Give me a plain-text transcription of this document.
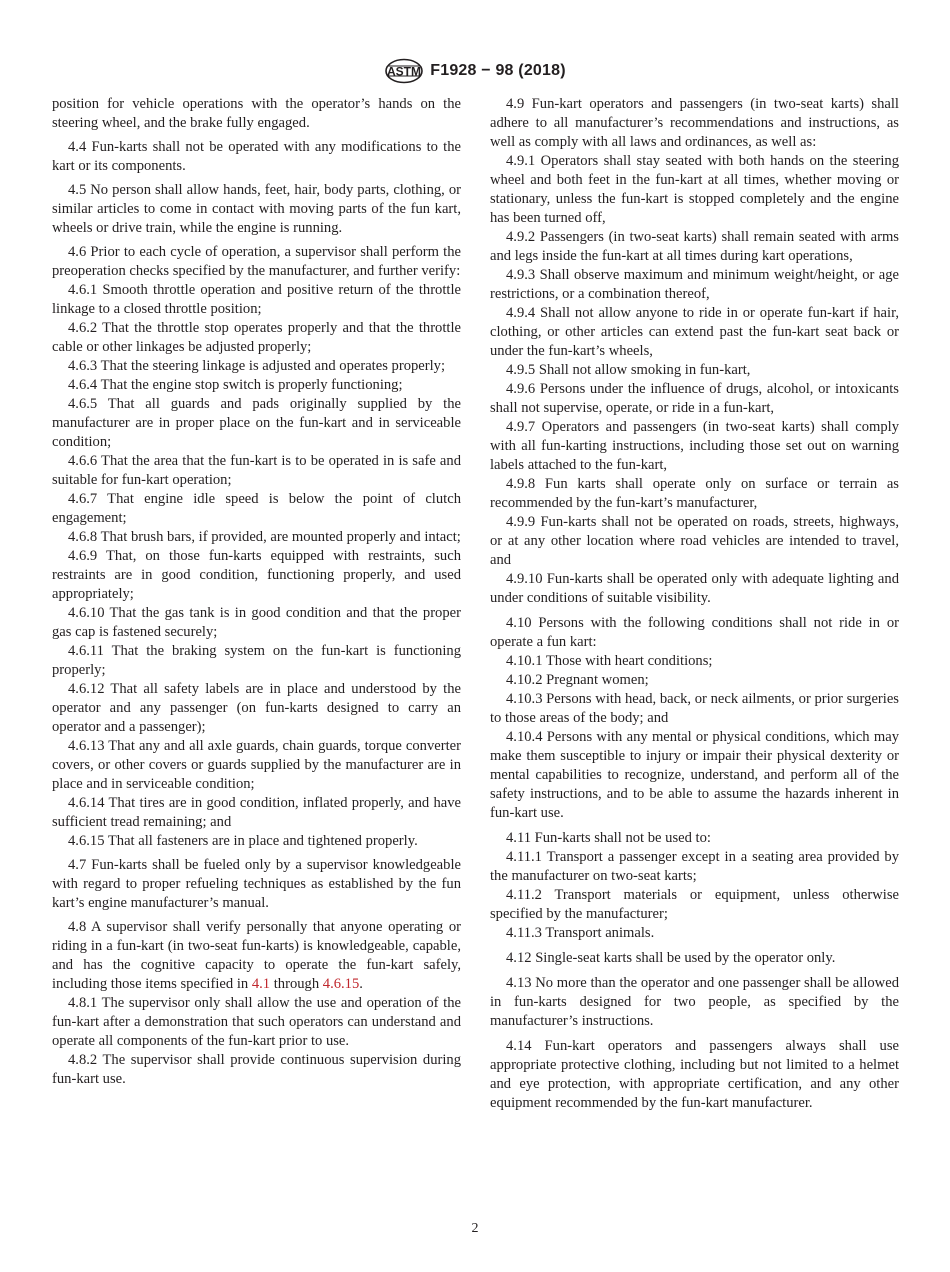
ASTM F1928 − 98 (2018)

position for vehicle operations with the operator’s hands on the steering wheel, and the brake fully engaged.

4.4 Fun-karts shall not be operated with any modifications to the kart or its components.

4.5 No person shall allow hands, feet, hair, body parts, clothing, or similar articles to come in contact with moving parts of the fun kart, wheels or drive train, while the engine is running.

4.6 Prior to each cycle of operation, a supervisor shall perform the preoperation checks specified by the manufacturer, and further verify:

4.6.1 Smooth throttle operation and positive return of the throttle linkage to a closed throttle position;

4.6.2 That the throttle stop operates properly and that the throttle cable or other linkages be adjusted properly;

4.6.3 That the steering linkage is adjusted and operates properly;

4.6.4 That the engine stop switch is properly functioning;

4.6.5 That all guards and pads originally supplied by the manufacturer are in proper place on the fun-kart and in serviceable condition;

4.6.6 That the area that the fun-kart is to be operated in is safe and suitable for fun-kart operation;

4.6.7 That engine idle speed is below the point of clutch engagement;

4.6.8 That brush bars, if provided, are mounted properly and intact;

4.6.9 That, on those fun-karts equipped with restraints, such restraints are in good condition, functioning properly, and used appropriately;

4.6.10 That the gas tank is in good condition and that the proper gas cap is fastened securely;

4.6.11 That the braking system on the fun-kart is functioning properly;

4.6.12 That all safety labels are in place and understood by the operator and any passenger (on fun-karts designed to carry an operator and a passenger);

4.6.13 That any and all axle guards, chain guards, torque converter covers, or other covers or guards supplied by the manufacturer are in place and in serviceable condition;

4.6.14 That tires are in good condition, inflated properly, and have sufficient tread remaining; and

4.6.15 That all fasteners are in place and tightened properly.

4.7 Fun-karts shall be fueled only by a supervisor knowledgeable with regard to proper refueling techniques as established by the fun kart’s engine manufacturer’s manual.

4.8 A supervisor shall verify personally that anyone operating or riding in a fun-kart (in two-seat fun-karts) is knowledgeable, capable, and has the cognitive capacity to operate the fun-kart safely, including those items specified in 4.1 through 4.6.15.

4.8.1 The supervisor only shall allow the use and operation of the fun-kart after a demonstration that such operators can understand and operate all components of the fun-kart prior to use.

4.8.2 The supervisor shall provide continuous supervision during fun-kart use.

4.9 Fun-kart operators and passengers (in two-seat karts) shall adhere to all manufacturer’s recommendations and instructions, as well as comply with all laws and ordinances, as well as:

4.9.1 Operators shall stay seated with both hands on the steering wheel and both feet in the fun-kart at all times, whether moving or stationary, unless the fun-kart is stopped completely and the engine has been turned off,

4.9.2 Passengers (in two-seat karts) shall remain seated with arms and legs inside the fun-kart at all times during kart operations,

4.9.3 Shall observe maximum and minimum weight/height, or age restrictions, or a combination thereof,

4.9.4 Shall not allow anyone to ride in or operate fun-kart if hair, clothing, or other articles can extend past the fun-kart seat back or under the fun-kart’s wheels,

4.9.5 Shall not allow smoking in fun-kart,

4.9.6 Persons under the influence of drugs, alcohol, or intoxicants shall not supervise, operate, or ride in a fun-kart,

4.9.7 Operators and passengers (in two-seat karts) shall comply with all fun-karting instructions, including those set out on warning labels attached to the fun-kart,

4.9.8 Fun karts shall operate only on surface or terrain as recommended by the fun-kart’s manufacturer,

4.9.9 Fun-karts shall not be operated on roads, streets, highways, or at any other location where road vehicles are intended to travel, and

4.9.10 Fun-karts shall be operated only with adequate lighting and under conditions of suitable visibility.

4.10 Persons with the following conditions shall not ride in or operate a fun kart:

4.10.1 Those with heart conditions;

4.10.2 Pregnant women;

4.10.3 Persons with head, back, or neck ailments, or prior surgeries to those areas of the body; and

4.10.4 Persons with any mental or physical conditions, which may make them susceptible to injury or impair their physical dexterity or mental capabilities to recognize, understand, and perform all of the safety instructions, and to be able to assume the hazards inherent in fun-kart use.

4.11 Fun-karts shall not be used to:

4.11.1 Transport a passenger except in a seating area provided by the manufacturer on two-seat karts;

4.11.2 Transport materials or equipment, unless otherwise specified by the manufacturer;

4.11.3 Transport animals.

4.12 Single-seat karts shall be used by the operator only.

4.13 No more than the operator and one passenger shall be allowed in fun-karts designed for two people, as specified by the manufacturer’s instructions.

4.14 Fun-kart operators and passengers always shall use appropriate protective clothing, including but not limited to a helmet and eye protection, with appropriate certification, and any other equipment recommended by the fun-kart manufacturer.

2
